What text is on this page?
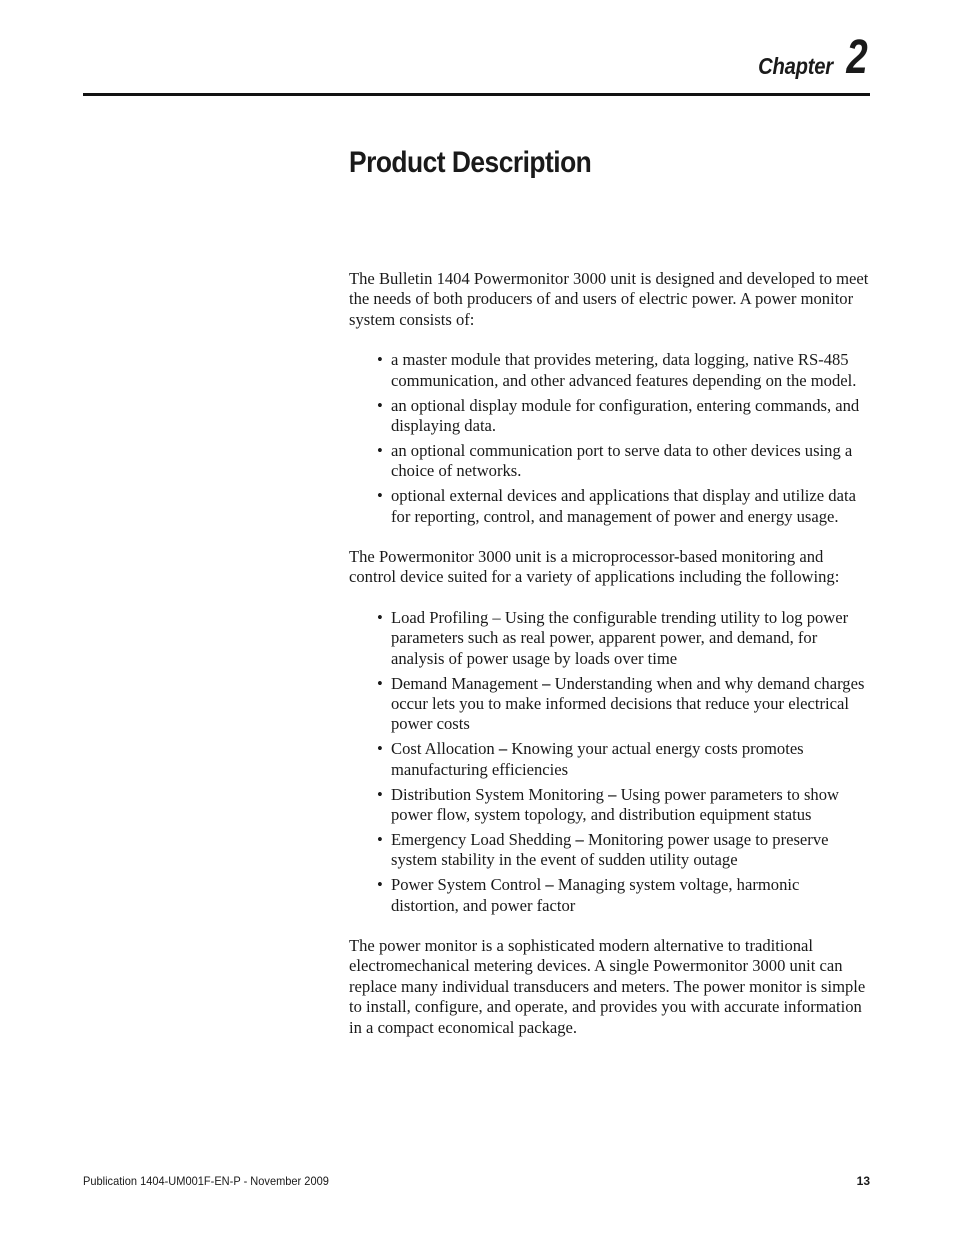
Chapter 2
Product Description

The Bulletin 1404 Powermonitor 3000 unit is designed and developed to meet the needs of both producers of and users of electric power. A power monitor system consists of:

• a master module that provides metering, data logging, native RS-485 communication, and other advanced features depending on the model.
• an optional display module for configuration, entering commands, and displaying data.
• an optional communication port to serve data to other devices using a choice of networks.
• optional external devices and applications that display and utilize data for reporting, control, and management of power and energy usage.

The Powermonitor 3000 unit is a microprocessor-based monitoring and control device suited for a variety of applications including the following:

• Load Profiling – Using the configurable trending utility to log power parameters such as real power, apparent power, and demand, for analysis of power usage by loads over time
• Demand Management – Understanding when and why demand charges occur lets you to make informed decisions that reduce your electrical power costs
• Cost Allocation – Knowing your actual energy costs promotes manufacturing efficiencies
• Distribution System Monitoring – Using power parameters to show power flow, system topology, and distribution equipment status
• Emergency Load Shedding – Monitoring power usage to preserve system stability in the event of sudden utility outage
• Power System Control – Managing system voltage, harmonic distortion, and power factor

The power monitor is a sophisticated modern alternative to traditional electromechanical metering devices. A single Powermonitor 3000 unit can replace many individual transducers and meters. The power monitor is simple to install, configure, and operate, and provides you with accurate information in a compact economical package.

Publication 1404-UM001F-EN-P - November 2009	13
